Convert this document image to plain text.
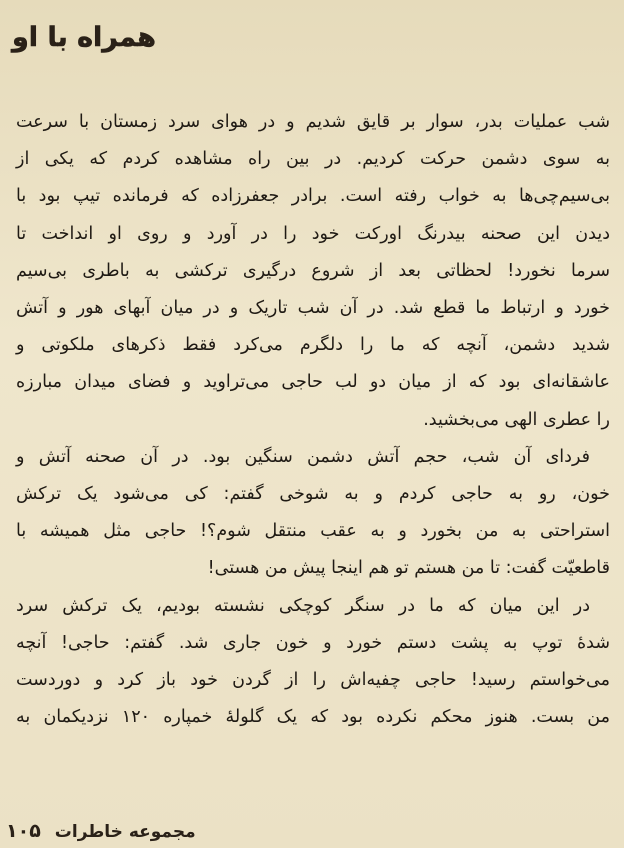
همراه با او

شب عملیات بدر، سوار بر قایق شدیم و در هوای سرد زمستان با سرعت
به سوی دشمن حرکت کردیم. در بین راه مشاهده کردم که یکی از
بی‌سیم‌چی‌ها به خواب رفته است. برادر جعفرزاده که فرمانده تیپ بود با
دیدن این صحنه بیدرنگ اورکت خود را در آورد و روی او انداخت تا
سرما نخورد! لحظاتی بعد از شروع درگیری ترکشی به باطری بی‌سیم
خورد و ارتباط ما قطع شد. در آن شب تاریک و در میان آبهای هور و آتش
شدید دشمن، آنچه که ما را دلگرم می‌کرد فقط ذکرهای ملکوتی و
عاشقانه‌ای بود که از میان دو لب حاجی می‌تراوید و فضای میدان مبارزه
را عطری الهی می‌بخشید.

فردای آن شب، حجم آتش دشمن سنگین بود. در آن صحنه آتش و
خون، رو به حاجی کردم و به شوخی گفتم: کی می‌شود یک ترکش
استراحتی به من بخورد و به عقب منتقل شوم؟! حاجی مثل همیشه با
قاطعیّت گفت: تا من هستم تو هم اینجا پیش من هستی!

در این میان که ما در سنگر کوچکی نشسته بودیم، یک ترکش سرد
شدهٔ توپ به پشت دستم خورد و خون جاری شد. گفتم: حاجی! آنچه
می‌خواستم رسید! حاجی چفیه‌اش را از گردن خود باز کرد و دوردست
من بست. هنوز محکم نکرده بود که یک گلولهٔ خمپاره ۱۲۰ نزدیکمان به

مجموعه خاطرات۱۰۵
